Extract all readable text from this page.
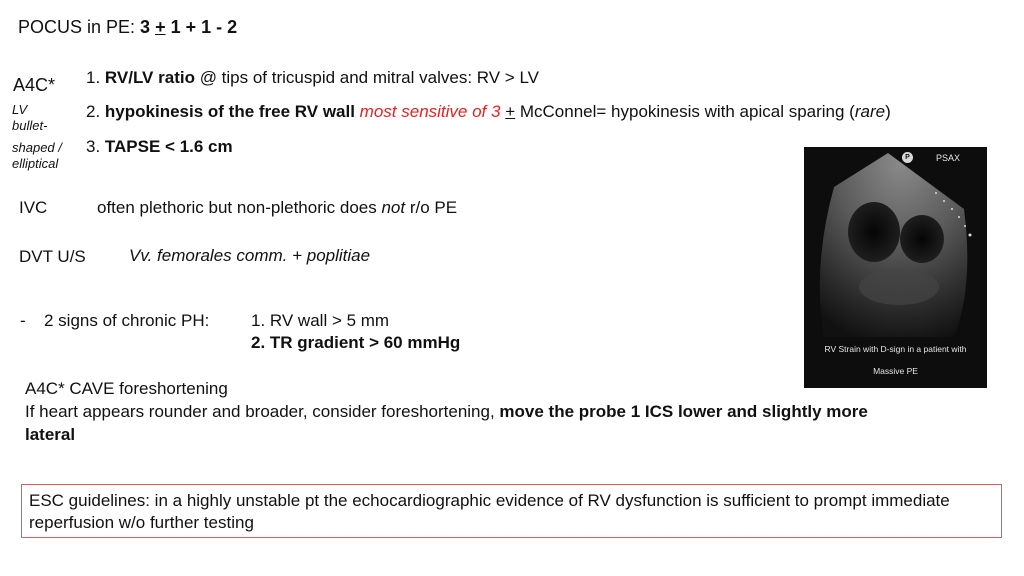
POCUS in PE: 3 + 1 + 1 - 2
A4C*
LV
bullet-
shaped /
elliptical
1. RV/LV ratio @ tips of tricuspid and mitral valves: RV > LV
2. hypokinesis of the free RV wall most sensitive of 3 + McConnel= hypokinesis with apical sparing (rare)
3. TAPSE < 1.6 cm
IVC	often plethoric but non-plethoric does not r/o PE
DVT U/S	Vv. femorales comm. + poplitiae
- 2 signs of chronic PH: 1. RV wall > 5 mm
2. TR gradient > 60 mmHg
A4C* CAVE foreshortening
If heart appears rounder and broader, consider foreshortening, move the probe 1 ICS lower and slightly more
lateral
P	PSAX
RV Strain with D-sign in a patient with
Massive PE
ESC guidelines: in a highly unstable pt the echocardiographic evidence of RV dysfunction is sufficient to prompt immediate reperfusion w/o further testing
